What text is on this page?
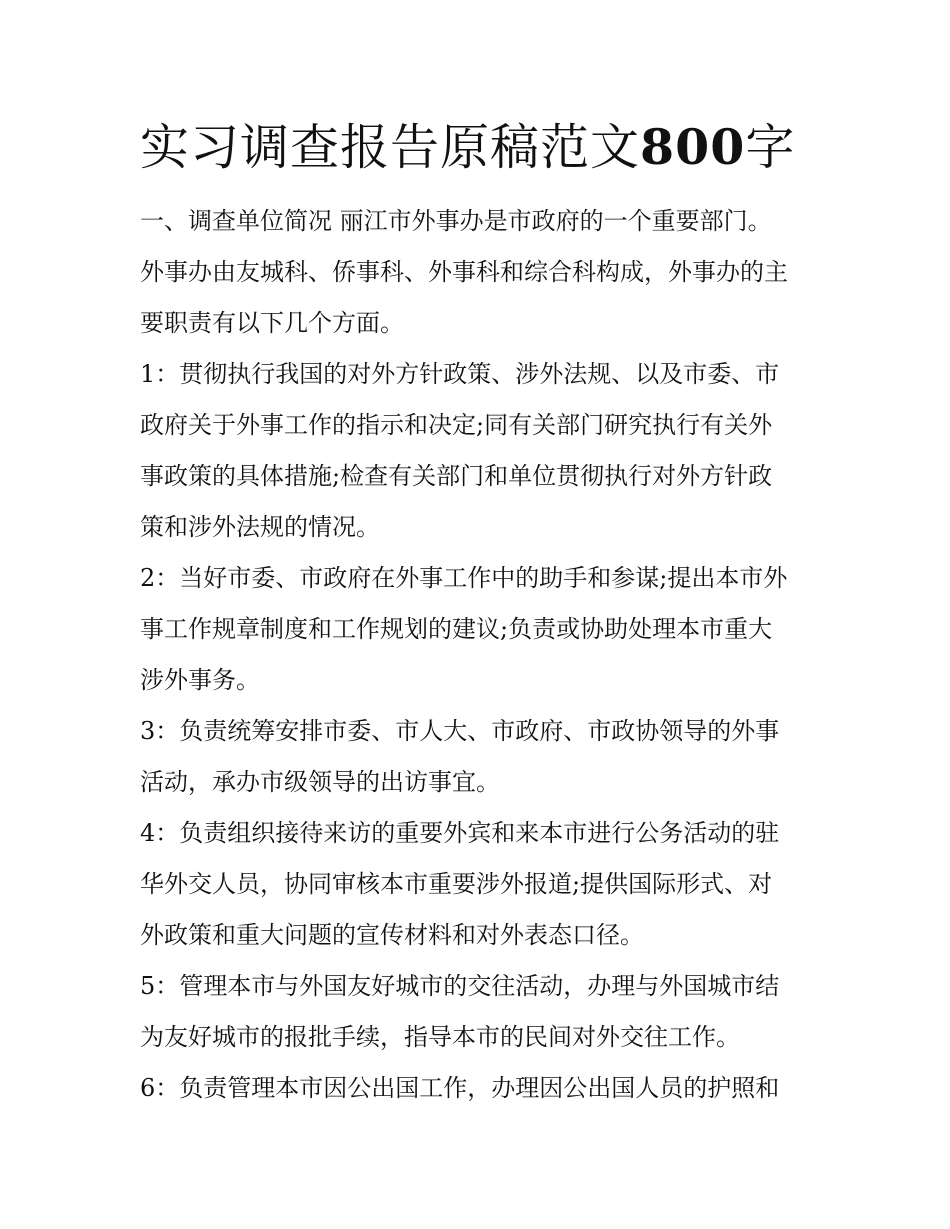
实习调查报告原稿范文800字

一、调查单位简况 丽江市外事办是市政府的一个重要部门。

外事办由友城科、侨事科、外事科和综合科构成，外事办的主

要职责有以下几个方面。

1：贯彻执行我国的对外方针政策、涉外法规、以及市委、市

政府关于外事工作的指示和决定;同有关部门研究执行有关外

事政策的具体措施;检查有关部门和单位贯彻执行对外方针政

策和涉外法规的情况。

2：当好市委、市政府在外事工作中的助手和参谋;提出本市外

事工作规章制度和工作规划的建议;负责或协助处理本市重大

涉外事务。

3：负责统筹安排市委、市人大、市政府、市政协领导的外事

活动，承办市级领导的出访事宜。

4：负责组织接待来访的重要外宾和来本市进行公务活动的驻

华外交人员，协同审核本市重要涉外报道;提供国际形式、对

外政策和重大问题的宣传材料和对外表态口径。

5：管理本市与外国友好城市的交往活动，办理与外国城市结

为友好城市的报批手续，指导本市的民间对外交往工作。

6：负责管理本市因公出国工作，办理因公出国人员的护照和
